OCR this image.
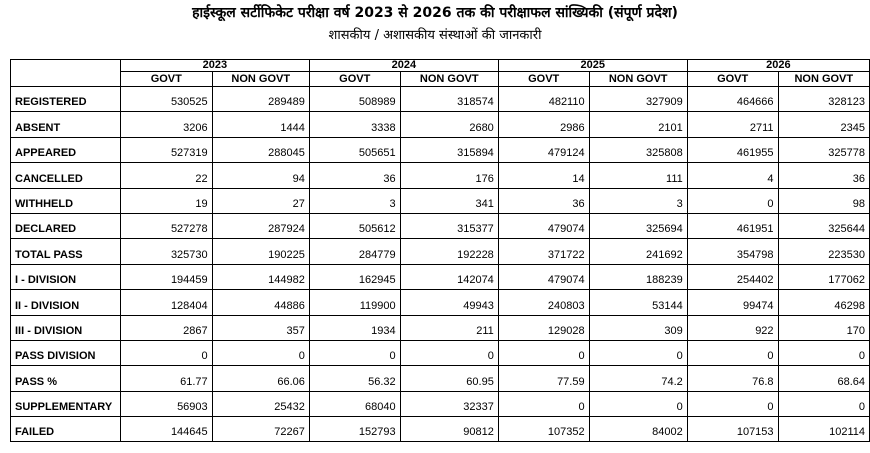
हाईस्कूल सर्टीफिकेट परीक्षा वर्ष 2023 से 2026 तक की परीक्षाफल सांख्यिकी (संपूर्ण प्रदेश)
शासकीय / अशासकीय संस्थाओं की जानकारी
	2023		2024		2025		2026	
	GOVT	NON GOVT	GOVT	NON GOVT	GOVT	NON GOVT	GOVT	NON GOVT
REGISTERED	530525	289489	508989	318574	482110	327909	464666	328123
ABSENT	3206	1444	3338	2680	2986	2101	2711	2345
APPEARED	527319	288045	505651	315894	479124	325808	461955	325778
CANCELLED	22	94	36	176	14	111	4	36
WITHHELD	19	27	3	341	36	3	0	98
DECLARED	527278	287924	505612	315377	479074	325694	461951	325644
TOTAL PASS	325730	190225	284779	192228	371722	241692	354798	223530
I - DIVISION	194459	144982	162945	142074	479074	188239	254402	177062
II - DIVISION	128404	44886	119900	49943	240803	53144	99474	46298
III - DIVISION	2867	357	1934	211	129028	309	922	170
PASS DIVISION	0	0	0	0	0	0	0	0
PASS %	61.77	66.06	56.32	60.95	77.59	74.2	76.8	68.64
SUPPLEMENTARY	56903	25432	68040	32337	0	0	0	0
FAILED	144645	72267	152793	90812	107352	84002	107153	102114
